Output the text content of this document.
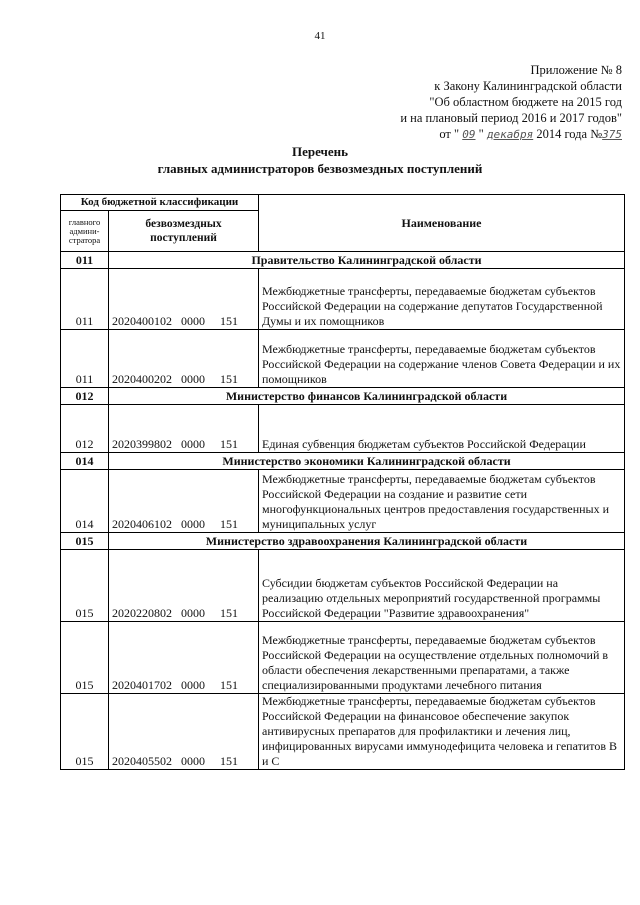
41
Приложение № 8
к Закону Калининградской области
"Об областном бюджете на 2015 год
и на плановый период 2016 и 2017 годов"
от " 09 " декабря 2014 года №375
Перечень
главных администраторов безвозмездных поступлений
Код бюджетной классификации		Наименование
главного админи-стратора	безвозмездных поступлений	
011	Правительство Калининградской области	
011	2020400102   0000     151	Межбюджетные трансферты, передаваемые бюджетам субъектов Российской Федерации на содержание депутатов Государственной Думы и их помощников
011	2020400202   0000     151	Межбюджетные трансферты, передаваемые бюджетам субъектов Российской Федерации на содержание членов Совета Федерации и их помощников
012	Министерство финансов Калининградской области	
012	2020399802   0000     151	Единая субвенция бюджетам субъектов Российской Федерации
014	Министерство экономики Калининградской области	
014	2020406102   0000     151	Межбюджетные трансферты, передаваемые бюджетам субъектов Российской Федерации на создание и развитие сети многофункциональных центров предоставления государственных и муниципальных услуг
015	Министерство здравоохранения Калининградской области	
015	2020220802   0000     151	Субсидии бюджетам субъектов Российской Федерации на реализацию отдельных мероприятий государственной программы Российской Федерации "Развитие здравоохранения"
015	2020401702   0000     151	Межбюджетные трансферты, передаваемые бюджетам субъектов Российской Федерации на осуществление отдельных полномочий в области обеспечения лекарственными препаратами, а также специализированными продуктами лечебного питания
015	2020405502   0000     151	Межбюджетные трансферты, передаваемые бюджетам субъектов Российской Федерации на финансовое обеспечение закупок антивирусных препаратов для профилактики и лечения лиц, инфицированных вирусами иммунодефицита человека и гепатитов В и С
